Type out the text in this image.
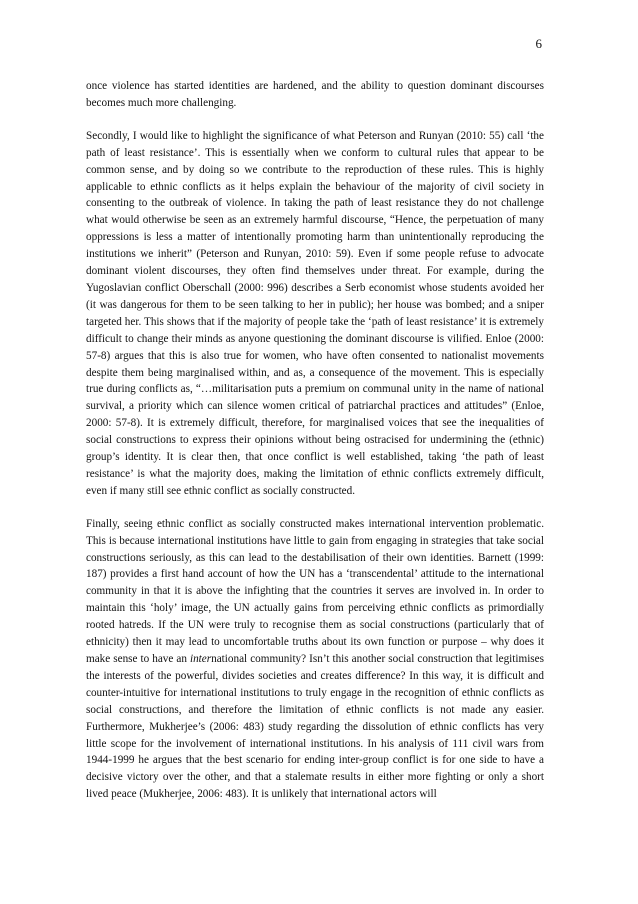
6

once violence has started identities are hardened, and the ability to question dominant discourses becomes much more challenging.

Secondly, I would like to highlight the significance of what Peterson and Runyan (2010: 55) call ‘the path of least resistance’. This is essentially when we conform to cultural rules that appear to be common sense, and by doing so we contribute to the reproduction of these rules. This is highly applicable to ethnic conflicts as it helps explain the behaviour of the majority of civil society in consenting to the outbreak of violence. In taking the path of least resistance they do not challenge what would otherwise be seen as an extremely harmful discourse, “Hence, the perpetuation of many oppressions is less a matter of intentionally promoting harm than unintentionally reproducing the institutions we inherit” (Peterson and Runyan, 2010: 59). Even if some people refuse to advocate dominant violent discourses, they often find themselves under threat. For example, during the Yugoslavian conflict Oberschall (2000: 996) describes a Serb economist whose students avoided her (it was dangerous for them to be seen talking to her in public); her house was bombed; and a sniper targeted her. This shows that if the majority of people take the ‘path of least resistance’ it is extremely difficult to change their minds as anyone questioning the dominant discourse is vilified. Enloe (2000: 57-8) argues that this is also true for women, who have often consented to nationalist movements despite them being marginalised within, and as, a consequence of the movement. This is especially true during conflicts as, “…militarisation puts a premium on communal unity in the name of national survival, a priority which can silence women critical of patriarchal practices and attitudes” (Enloe, 2000: 57-8). It is extremely difficult, therefore, for marginalised voices that see the inequalities of social constructions to express their opinions without being ostracised for undermining the (ethnic) group’s identity. It is clear then, that once conflict is well established, taking ‘the path of least resistance’ is what the majority does, making the limitation of ethnic conflicts extremely difficult, even if many still see ethnic conflict as socially constructed.

Finally, seeing ethnic conflict as socially constructed makes international intervention problematic. This is because international institutions have little to gain from engaging in strategies that take social constructions seriously, as this can lead to the destabilisation of their own identities. Barnett (1999: 187) provides a first hand account of how the UN has a ‘transcendental’ attitude to the international community in that it is above the infighting that the countries it serves are involved in. In order to maintain this ‘holy’ image, the UN actually gains from perceiving ethnic conflicts as primordially rooted hatreds. If the UN were truly to recognise them as social constructions (particularly that of ethnicity) then it may lead to uncomfortable truths about its own function or purpose – why does it make sense to have an international community? Isn’t this another social construction that legitimises the interests of the powerful, divides societies and creates difference? In this way, it is difficult and counter-intuitive for international institutions to truly engage in the recognition of ethnic conflicts as social constructions, and therefore the limitation of ethnic conflicts is not made any easier. Furthermore, Mukherjee’s (2006: 483) study regarding the dissolution of ethnic conflicts has very little scope for the involvement of international institutions. In his analysis of 111 civil wars from 1944-1999 he argues that the best scenario for ending inter-group conflict is for one side to have a decisive victory over the other, and that a stalemate results in either more fighting or only a short lived peace (Mukherjee, 2006: 483). It is unlikely that international actors will
